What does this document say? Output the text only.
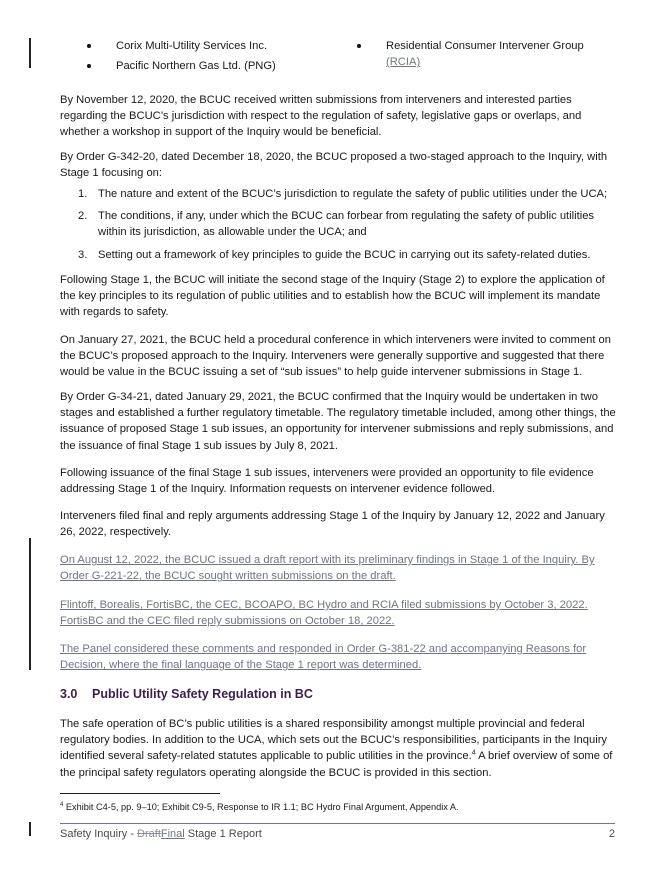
Corix Multi-Utility Services Inc.
Pacific Northern Gas Ltd. (PNG)
Residential Consumer Intervener Group
(RCIA)

By November 12, 2020, the BCUC received written submissions from interveners and interested parties regarding the BCUC’s jurisdiction with respect to the regulation of safety, legislative gaps or overlaps, and whether a workshop in support of the Inquiry would be beneficial.

By Order G-342-20, dated December 18, 2020, the BCUC proposed a two-staged approach to the Inquiry, with Stage 1 focusing on:

1. The nature and extent of the BCUC’s jurisdiction to regulate the safety of public utilities under the UCA;
2. The conditions, if any, under which the BCUC can forbear from regulating the safety of public utilities within its jurisdiction, as allowable under the UCA; and
3. Setting out a framework of key principles to guide the BCUC in carrying out its safety-related duties.

Following Stage 1, the BCUC will initiate the second stage of the Inquiry (Stage 2) to explore the application of the key principles to its regulation of public utilities and to establish how the BCUC will implement its mandate with regards to safety.

On January 27, 2021, the BCUC held a procedural conference in which interveners were invited to comment on the BCUC’s proposed approach to the Inquiry. Interveners were generally supportive and suggested that there would be value in the BCUC issuing a set of “sub issues” to help guide intervener submissions in Stage 1.

By Order G-34-21, dated January 29, 2021, the BCUC confirmed that the Inquiry would be undertaken in two stages and established a further regulatory timetable. The regulatory timetable included, among other things, the issuance of proposed Stage 1 sub issues, an opportunity for intervener submissions and reply submissions, and the issuance of final Stage 1 sub issues by July 8, 2021.

Following issuance of the final Stage 1 sub issues, interveners were provided an opportunity to file evidence addressing Stage 1 of the Inquiry. Information requests on intervener evidence followed.

Interveners filed final and reply arguments addressing Stage 1 of the Inquiry by January 12, 2022 and January 26, 2022, respectively.

On August 12, 2022, the BCUC issued a draft report with its preliminary findings in Stage 1 of the Inquiry. By Order G-221-22, the BCUC sought written submissions on the draft.

Flintoff, Borealis, FortisBC, the CEC, BCOAPO, BC Hydro and RCIA filed submissions by October 3, 2022. FortisBC and the CEC filed reply submissions on October 18, 2022.

The Panel considered these comments and responded in Order G-381-22 and accompanying Reasons for Decision, where the final language of the Stage 1 report was determined.

3.0 Public Utility Safety Regulation in BC

The safe operation of BC’s public utilities is a shared responsibility amongst multiple provincial and federal regulatory bodies. In addition to the UCA, which sets out the BCUC’s responsibilities, participants in the Inquiry identified several safety-related statutes applicable to public utilities in the province.$^4$ A brief overview of some of the principal safety regulators operating alongside the BCUC is provided in this section.

$^4$ Exhibit C4-5, pp. 9–10; Exhibit C9-5, Response to IR 1.1; BC Hydro Final Argument, Appendix A.
Safety Inquiry - DraftFinal Stage 1 Report	2
